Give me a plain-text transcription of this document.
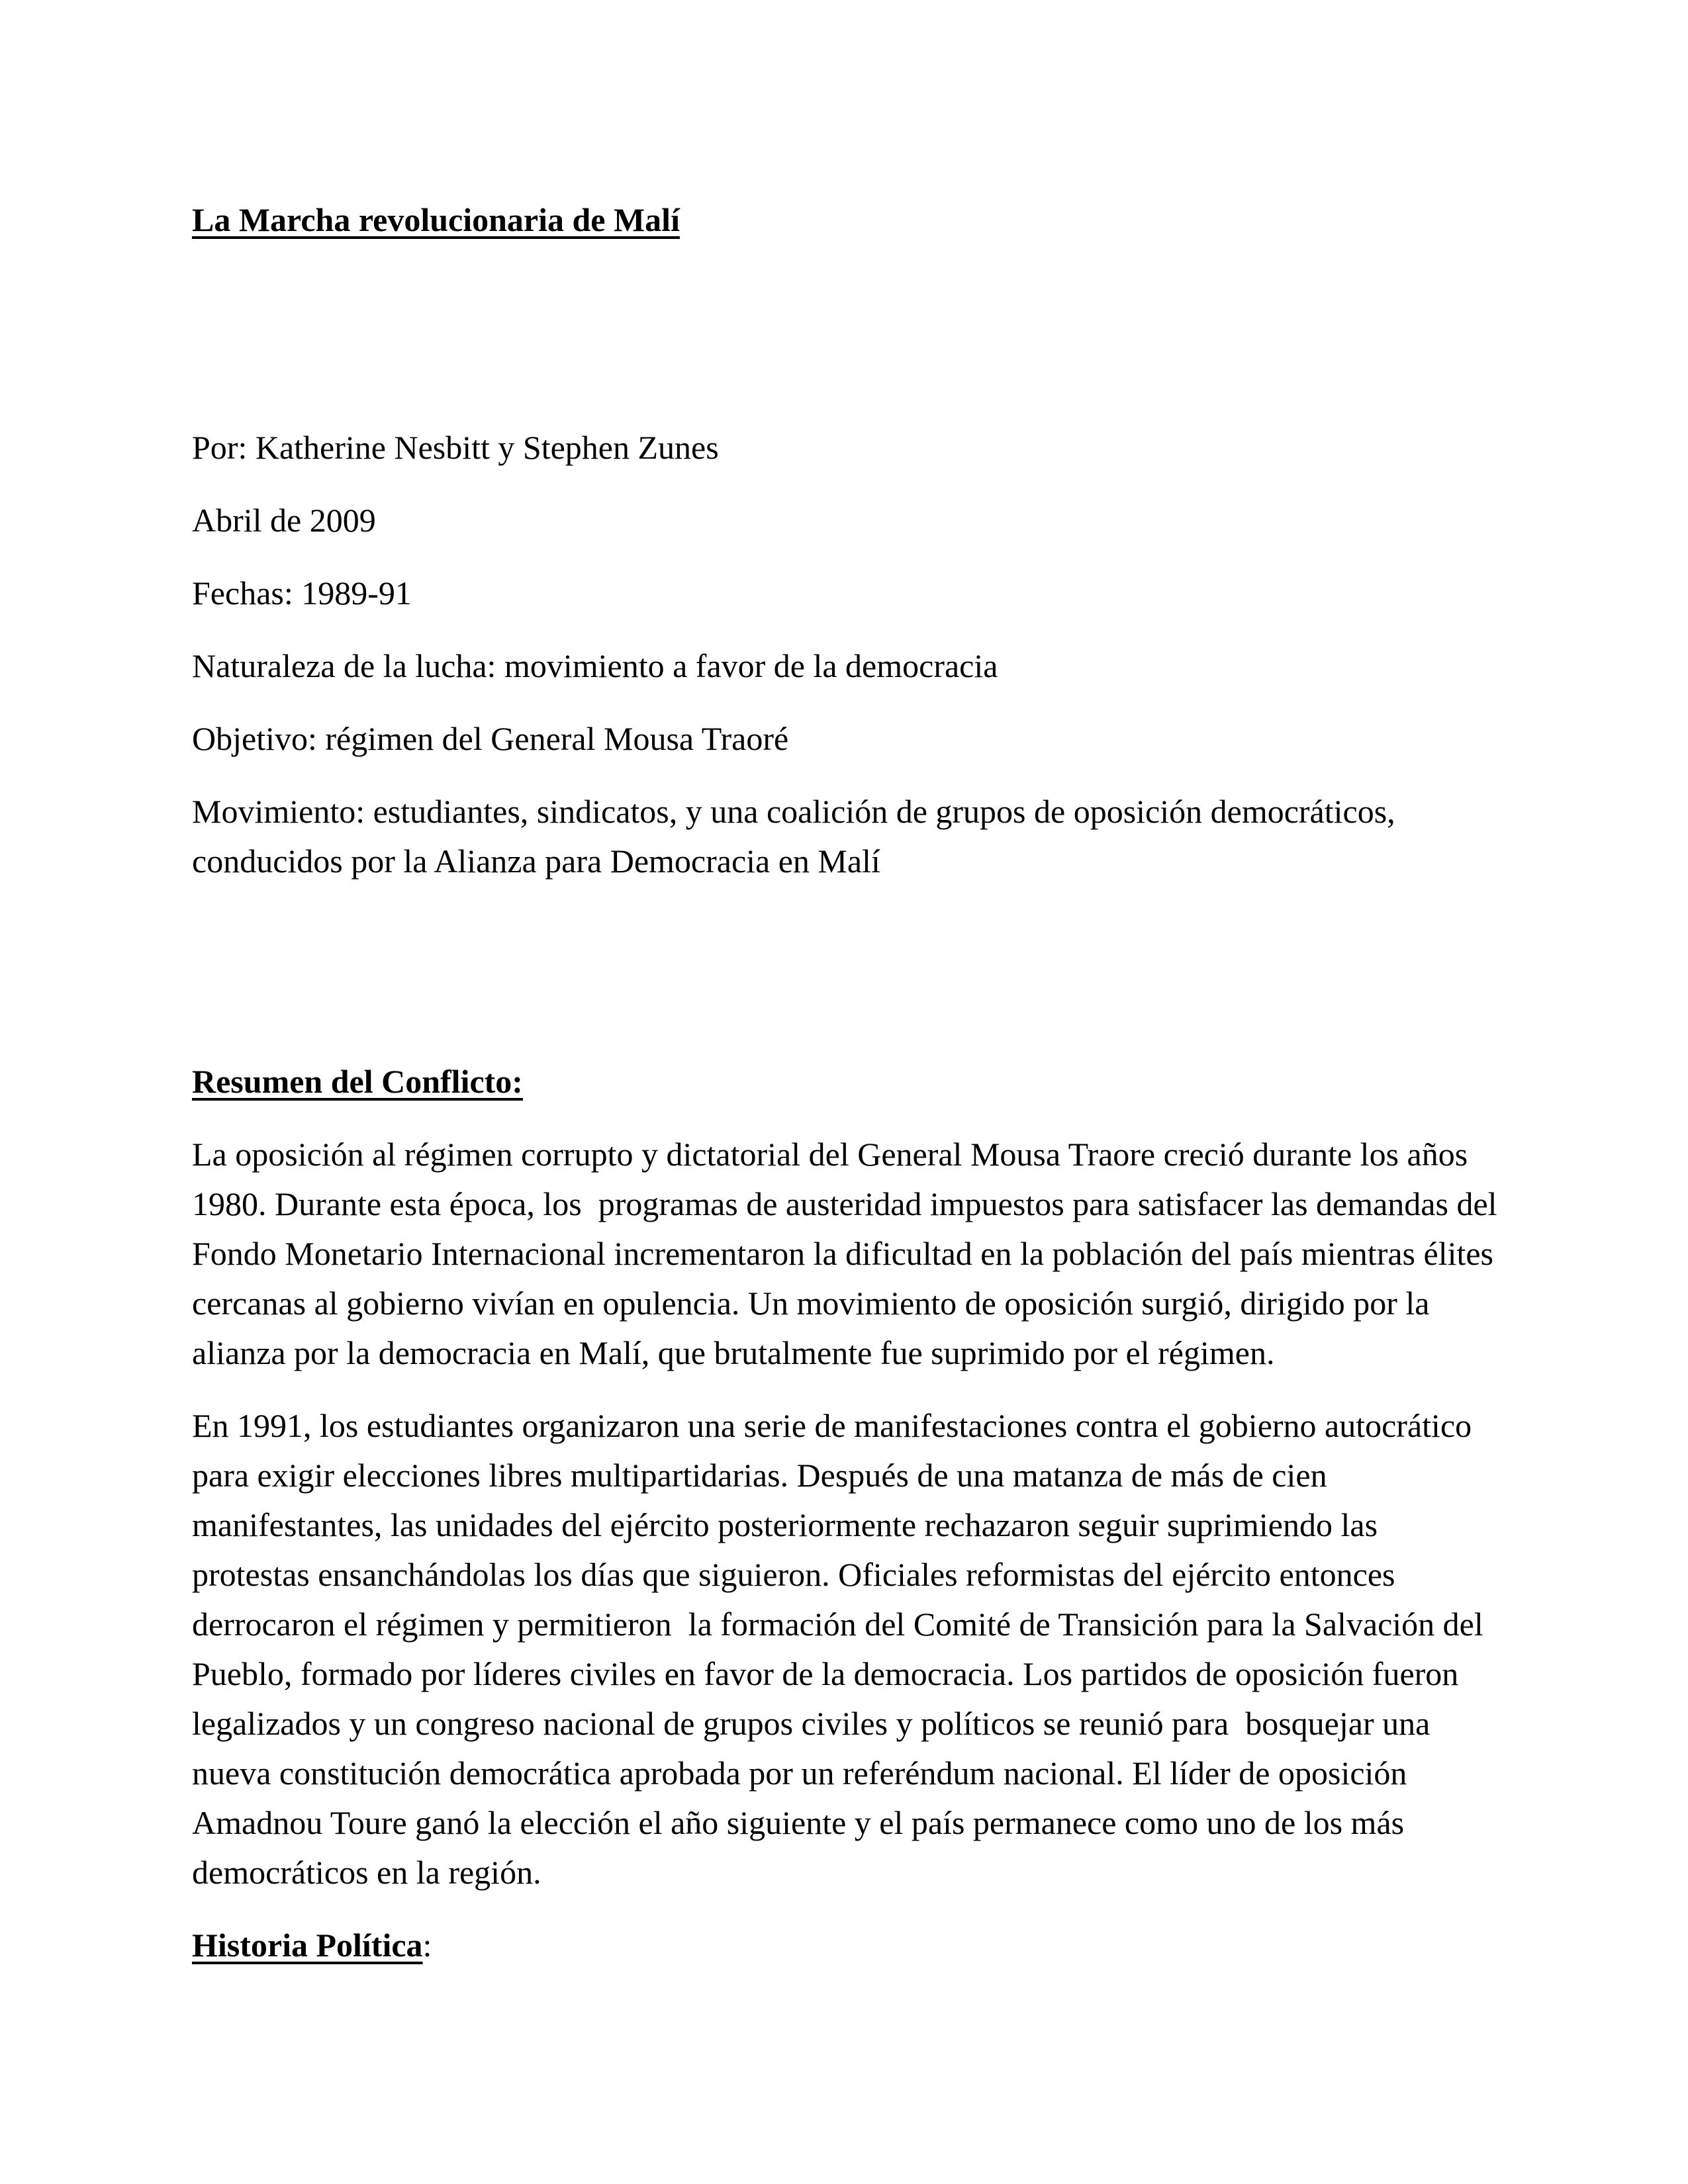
La Marcha revolucionaria de Malí

Por: Katherine Nesbitt y Stephen Zunes

Abril de 2009

Fechas: 1989-91

Naturaleza de la lucha: movimiento a favor de la democracia

Objetivo: régimen del General Mousa Traoré

Movimiento: estudiantes, sindicatos, y una coalición de grupos de oposición democráticos, conducidos por la Alianza para Democracia en Malí

Resumen del Conflicto:

La oposición al régimen corrupto y dictatorial del General Mousa Traore creció durante los años 1980. Durante esta época, los  programas de austeridad impuestos para satisfacer las demandas del Fondo Monetario Internacional incrementaron la dificultad en la población del país mientras élites cercanas al gobierno vivían en opulencia. Un movimiento de oposición surgió, dirigido por la alianza por la democracia en Malí, que brutalmente fue suprimido por el régimen.

En 1991, los estudiantes organizaron una serie de manifestaciones contra el gobierno autocrático para exigir elecciones libres multipartidarias. Después de una matanza de más de cien manifestantes, las unidades del ejército posteriormente rechazaron seguir suprimiendo las protestas ensanchándolas los días que siguieron. Oficiales reformistas del ejército entonces derrocaron el régimen y permitieron  la formación del Comité de Transición para la Salvación del Pueblo, formado por líderes civiles en favor de la democracia. Los partidos de oposición fueron legalizados y un congreso nacional de grupos civiles y políticos se reunió para  bosquejar una nueva constitución democrática aprobada por un referéndum nacional. El líder de oposición Amadnou Toure ganó la elección el año siguiente y el país permanece como uno de los más democráticos en la región.

Historia Política:
